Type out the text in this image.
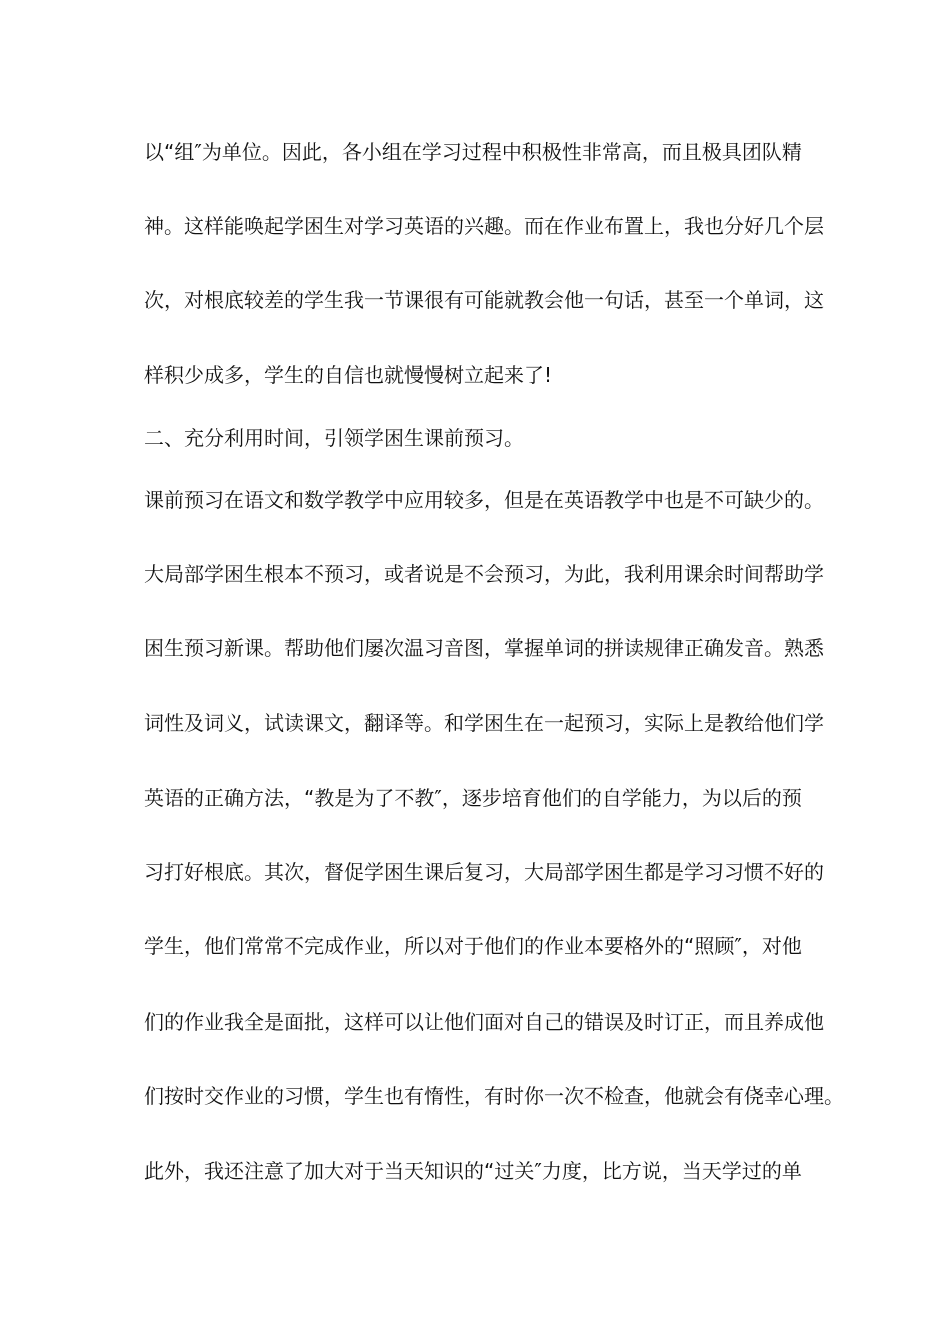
以“组″为单位。因此，各小组在学习过程中积极性非常高，而且极具团队精
神。这样能唤起学困生对学习英语的兴趣。而在作业布置上，我也分好几个层
次，对根底较差的学生我一节课很有可能就教会他一句话，甚至一个单词，这
样积少成多，学生的自信也就慢慢树立起来了!
二、充分利用时间，引领学困生课前预习。
课前预习在语文和数学教学中应用较多，但是在英语教学中也是不可缺少的。
大局部学困生根本不预习，或者说是不会预习，为此，我利用课余时间帮助学
困生预习新课。帮助他们屡次温习音图，掌握单词的拼读规律正确发音。熟悉
词性及词义，试读课文，翻译等。和学困生在一起预习，实际上是教给他们学
英语的正确方法，“教是为了不教″，逐步培育他们的自学能力，为以后的预
习打好根底。其次，督促学困生课后复习，大局部学困生都是学习习惯不好的
学生，他们常常不完成作业，所以对于他们的作业本要格外的“照顾″，对他
们的作业我全是面批，这样可以让他们面对自己的错误及时订正，而且养成他
们按时交作业的习惯，学生也有惰性，有时你一次不检查，他就会有侥幸心理。
此外，我还注意了加大对于当天知识的“过关″力度，比方说，当天学过的单
